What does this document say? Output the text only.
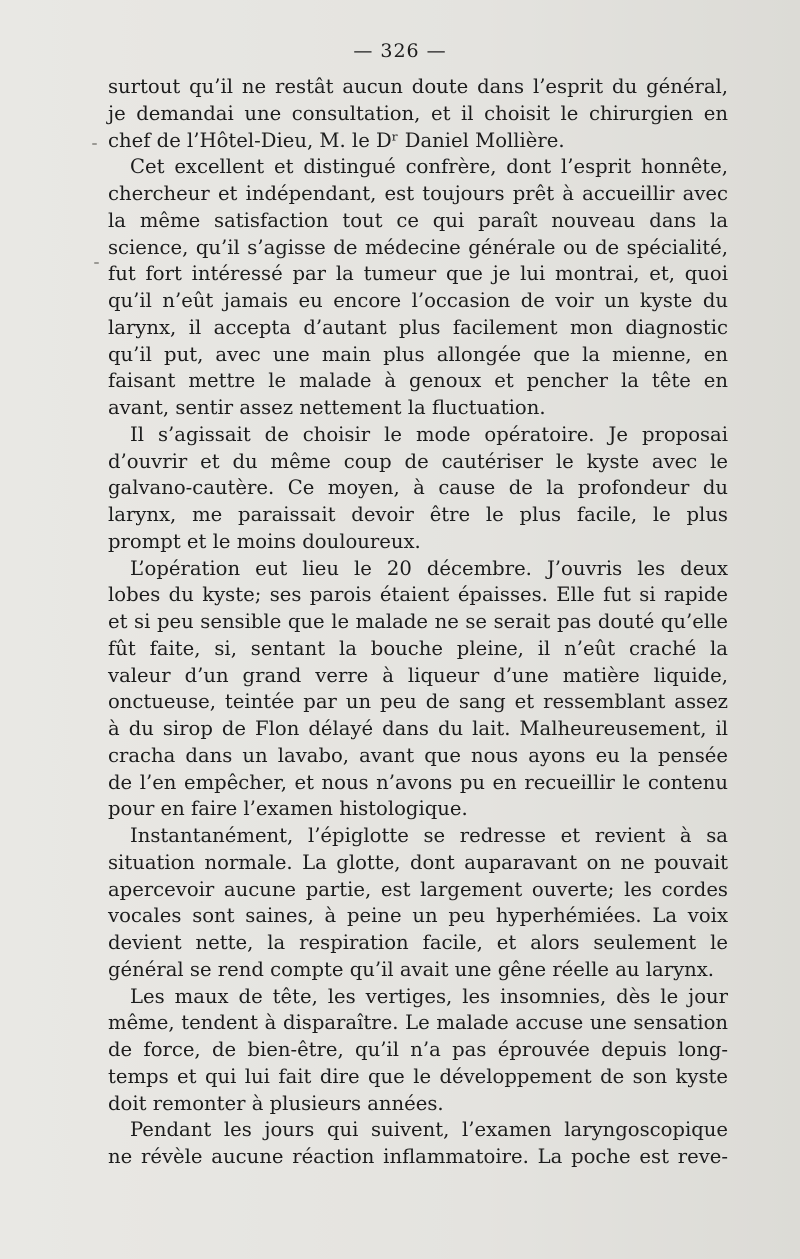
— 326 —
surtout qu’il ne restât aucun doute dans l’esprit du général,
je demandai une consultation, et il choisit le chirurgien en
chef de l’Hôtel-Dieu, M. le Dʳ Daniel Mollière.
Cet excellent et distingué confrère, dont l’esprit honnête,
chercheur et indépendant, est toujours prêt à accueillir avec
la même satisfaction tout ce qui paraît nouveau dans la
science, qu’il s’agisse de médecine générale ou de spécialité,
fut fort intéressé par la tumeur que je lui montrai, et, quoi
qu’il n’eût jamais eu encore l’occasion de voir un kyste du
larynx, il accepta d’autant plus facilement mon diagnostic
qu’il put, avec une main plus allongée que la mienne, en
faisant mettre le malade à genoux et pencher la tête en
avant, sentir assez nettement la fluctuation.
Il s’agissait de choisir le mode opératoire. Je proposai
d’ouvrir et du même coup de cautériser le kyste avec le
galvano-cautère. Ce moyen, à cause de la profondeur du
larynx, me paraissait devoir être le plus facile, le plus
prompt et le moins douloureux.
L’opération eut lieu le 20 décembre. J’ouvris les deux
lobes du kyste; ses parois étaient épaisses. Elle fut si rapide
et si peu sensible que le malade ne se serait pas douté qu’elle
fût faite, si, sentant la bouche pleine, il n’eût craché la
valeur d’un grand verre à liqueur d’une matière liquide,
onctueuse, teintée par un peu de sang et ressemblant assez
à du sirop de Flon délayé dans du lait. Malheureusement, il
cracha dans un lavabo, avant que nous ayons eu la pensée
de l’en empêcher, et nous n’avons pu en recueillir le contenu
pour en faire l’examen histologique.
Instantanément, l’épiglotte se redresse et revient à sa
situation normale. La glotte, dont auparavant on ne pouvait
apercevoir aucune partie, est largement ouverte; les cordes
vocales sont saines, à peine un peu hyperhémiées. La voix
devient nette, la respiration facile, et alors seulement le
général se rend compte qu’il avait une gêne réelle au larynx.
Les maux de tête, les vertiges, les insomnies, dès le jour
même, tendent à disparaître. Le malade accuse une sensation
de force, de bien-être, qu’il n’a pas éprouvée depuis long-
temps et qui lui fait dire que le développement de son kyste
doit remonter à plusieurs années.
Pendant les jours qui suivent, l’examen laryngoscopique
ne révèle aucune réaction inflammatoire. La poche est reve-
